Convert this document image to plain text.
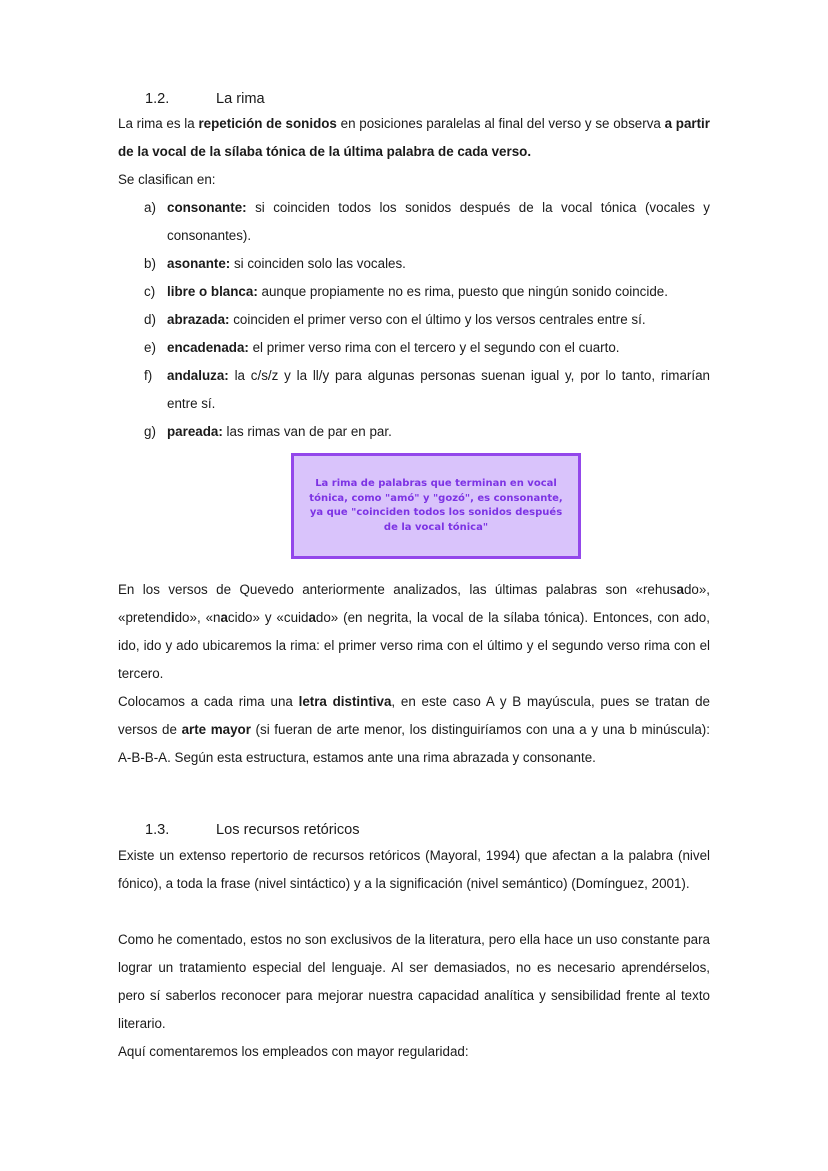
1.2.	La rima
La rima es la repetición de sonidos en posiciones paralelas al final del verso y se observa a partir de la vocal de la sílaba tónica de la última palabra de cada verso.
Se clasifican en:
a) consonante: si coinciden todos los sonidos después de la vocal tónica (vocales y consonantes).
b) asonante: si coinciden solo las vocales.
c) libre o blanca: aunque propiamente no es rima, puesto que ningún sonido coincide.
d) abrazada: coinciden el primer verso con el último y los versos centrales entre sí.
e) encadenada: el primer verso rima con el tercero y el segundo con el cuarto.
f) andaluza: la c/s/z y la ll/y para algunas personas suenan igual y, por lo tanto, rimarían entre sí.
g) pareada: las rimas van de par en par.

La rima de palabras que terminan en vocal tónica, como "amó" y "gozó", es consonante, ya que "coinciden todos los sonidos después de la vocal tónica"

En los versos de Quevedo anteriormente analizados, las últimas palabras son «rehusado», «pretendido», «nacido» y «cuidado» (en negrita, la vocal de la sílaba tónica). Entonces, con ado, ido, ido y ado ubicaremos la rima: el primer verso rima con el último y el segundo verso rima con el tercero.
Colocamos a cada rima una letra distintiva, en este caso A y B mayúscula, pues se tratan de versos de arte mayor (si fueran de arte menor, los distinguiríamos con una a y una b minúscula): A-B-B-A. Según esta estructura, estamos ante una rima abrazada y consonante.
1.3.	Los recursos retóricos
Existe un extenso repertorio de recursos retóricos (Mayoral, 1994) que afectan a la palabra (nivel fónico), a toda la frase (nivel sintáctico) y a la significación (nivel semántico) (Domínguez, 2001).
Como he comentado, estos no son exclusivos de la literatura, pero ella hace un uso constante para lograr un tratamiento especial del lenguaje. Al ser demasiados, no es necesario aprendérselos, pero sí saberlos reconocer para mejorar nuestra capacidad analítica y sensibilidad frente al texto literario.
Aquí comentaremos los empleados con mayor regularidad:
